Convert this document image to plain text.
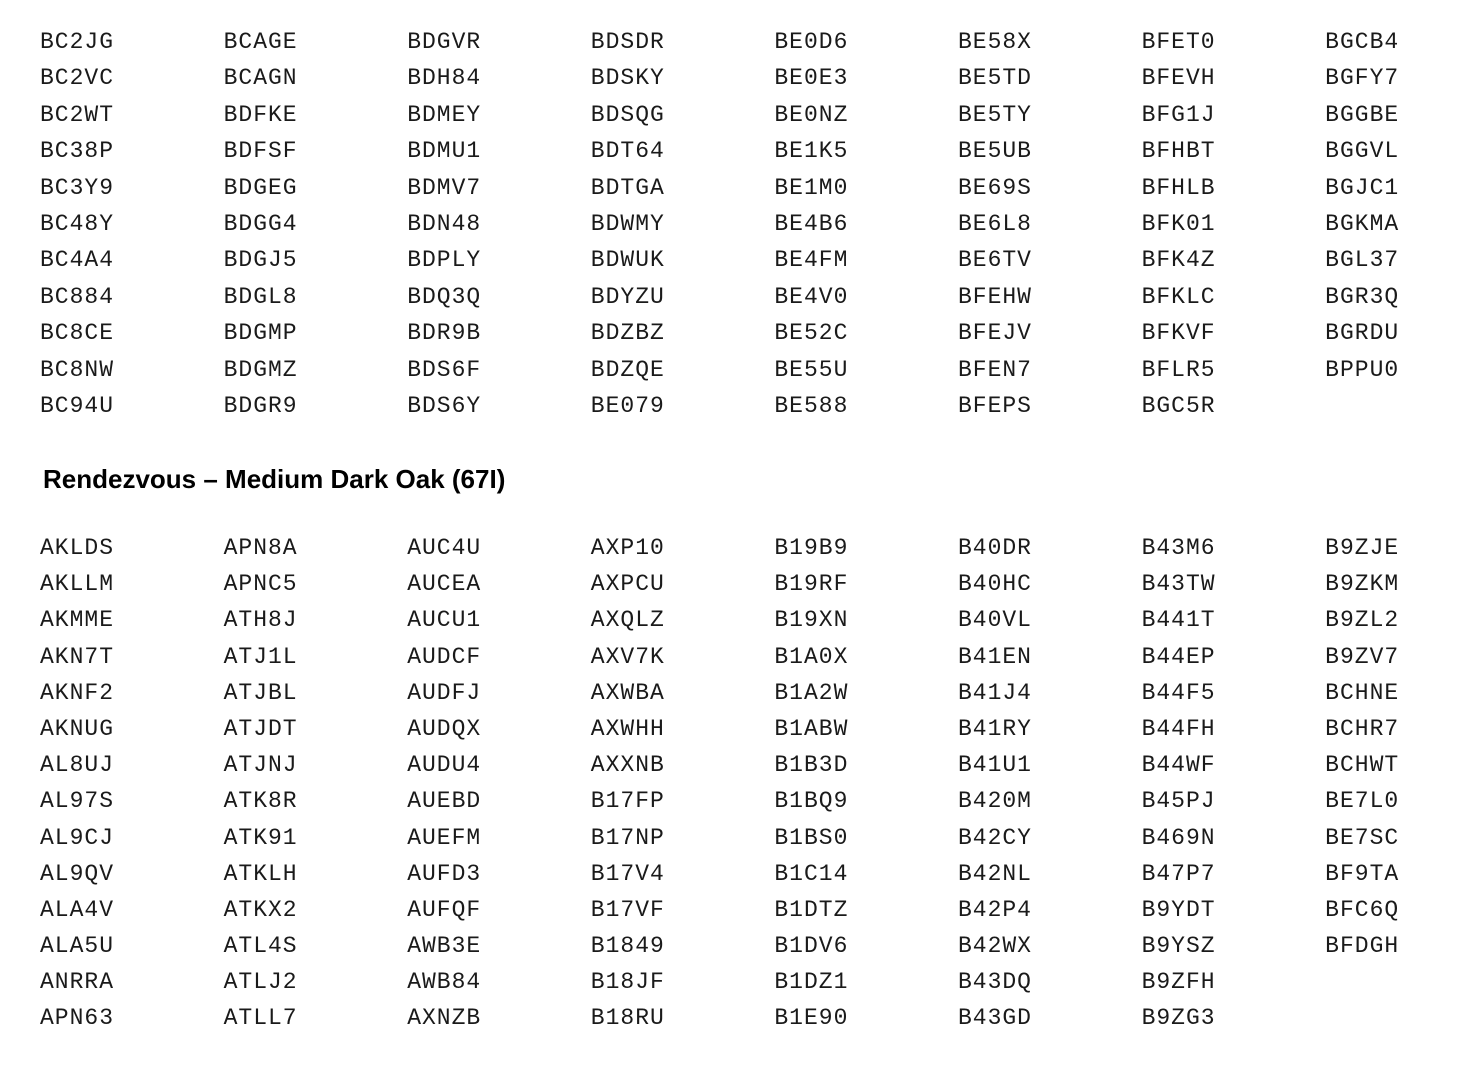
BC2JG
BC2VC
BC2WT
BC38P
BC3Y9
BC48Y
BC4A4
BC884
BC8CE
BC8NW
BC94U
BCAGE
BCAGN
BDFKE
BDFSF
BDGEG
BDGG4
BDGJ5
BDGL8
BDGMP
BDGMZ
BDGR9
BDGVR
BDH84
BDMEY
BDMU1
BDMV7
BDN48
BDPLY
BDQ3Q
BDR9B
BDS6F
BDS6Y
BDSDR
BDSKY
BDSQG
BDT64
BDTGA
BDWMY
BDWUK
BDYZU
BDZBZ
BDZQE
BE079
BE0D6
BE0E3
BE0NZ
BE1K5
BE1M0
BE4B6
BE4FM
BE4V0
BE52C
BE55U
BE588
BE58X
BE5TD
BE5TY
BE5UB
BE69S
BE6L8
BE6TV
BFEHW
BFEJV
BFEN7
BFEPS
BFET0
BFEVH
BFG1J
BFHBT
BFHLB
BFK01
BFK4Z
BFKLC
BFKVF
BFLR5
BGC5R
BGCB4
BGFY7
BGGBE
BGGVL
BGJC1
BGKMA
BGL37
BGR3Q
BGRDU
BPPU0
Rendezvous – Medium Dark Oak (67I)
AKLDS
AKLLM
AKMME
AKN7T
AKNF2
AKNUG
AL8UJ
AL97S
AL9CJ
AL9QV
ALA4V
ALA5U
ANRRA
APN63
APN8A
APNC5
ATH8J
ATJ1L
ATJBL
ATJDT
ATJNJ
ATK8R
ATK91
ATKLH
ATKX2
ATL4S
ATLJ2
ATLL7
AUC4U
AUCEA
AUCU1
AUDCF
AUDFJ
AUDQX
AUDU4
AUEBD
AUEFM
AUFD3
AUFQF
AWB3E
AWB84
AXNZB
AXP10
AXPCU
AXQLZ
AXV7K
AXWBA
AXWHH
AXXNB
B17FP
B17NP
B17V4
B17VF
B1849
B18JF
B18RU
B19B9
B19RF
B19XN
B1A0X
B1A2W
B1ABW
B1B3D
B1BQ9
B1BS0
B1C14
B1DTZ
B1DV6
B1DZ1
B1E90
B40DR
B40HC
B40VL
B41EN
B41J4
B41RY
B41U1
B420M
B42CY
B42NL
B42P4
B42WX
B43DQ
B43GD
B43M6
B43TW
B441T
B44EP
B44F5
B44FH
B44WF
B45PJ
B469N
B47P7
B9YDT
B9YSZ
B9ZFH
B9ZG3
B9ZJE
B9ZKM
B9ZL2
B9ZV7
BCHNE
BCHR7
BCHWT
BE7L0
BE7SC
BF9TA
BFC6Q
BFDGH
